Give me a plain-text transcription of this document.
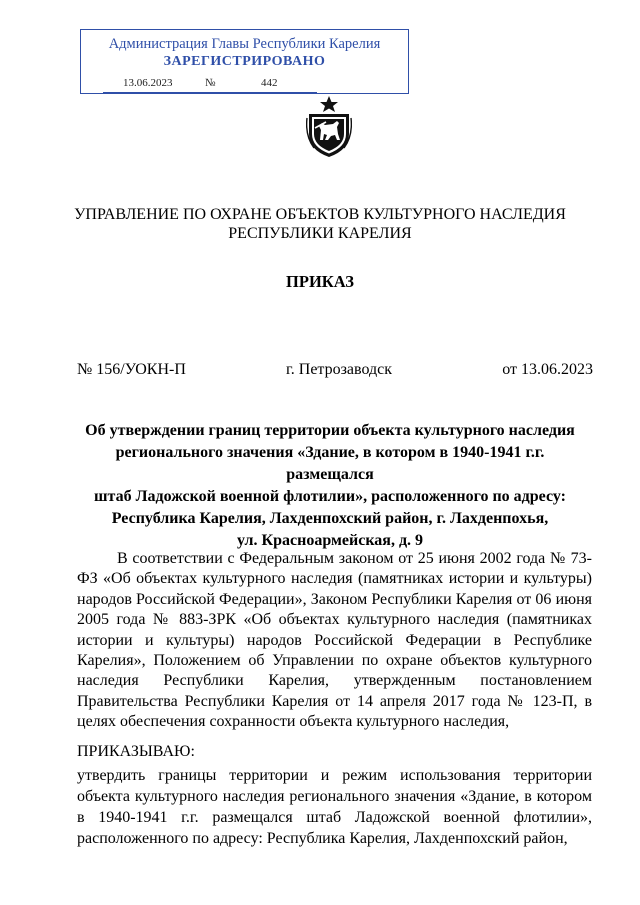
Администрация Главы Республики Карелия
ЗАРЕГИСТРИРОВАНО
13.06.2023	№	442
УПРАВЛЕНИЕ ПО ОХРАНЕ ОБЪЕКТОВ КУЛЬТУРНОГО НАСЛЕДИЯ
РЕСПУБЛИКИ КАРЕЛИЯ
ПРИКАЗ
№ 156/УОКН-П	г. Петрозаводск	от 13.06.2023
Об утверждении границ территории объекта культурного наследия
регионального значения «Здание, в котором в 1940-1941 г.г. размещался
штаб Ладожской военной флотилии», расположенного по адресу:
Республика Карелия, Лахденпохский район, г. Лахденпохья,
ул. Красноармейская, д. 9

В соответствии с Федеральным законом от 25 июня 2002 года № 73-ФЗ «Об объектах культурного наследия (памятниках истории и культуры) народов Российской Федерации», Законом Республики Карелия от 06 июня 2005 года № 883-ЗРК «Об объектах культурного наследия (памятниках истории и культуры) народов Российской Федерации в Республике Карелия», Положением об Управлении по охране объектов культурного наследия Республики Карелия, утвержденным постановлением Правительства Республики Карелия от 14 апреля 2017 года № 123-П, в целях обеспечения сохранности объекта культурного наследия,

ПРИКАЗЫВАЮ:

утвердить границы территории и режим использования территории объекта культурного наследия регионального значения «Здание, в котором в 1940-1941 г.г. размещался штаб Ладожской военной флотилии», расположенного по адресу: Республика Карелия, Лахденпохский район,
